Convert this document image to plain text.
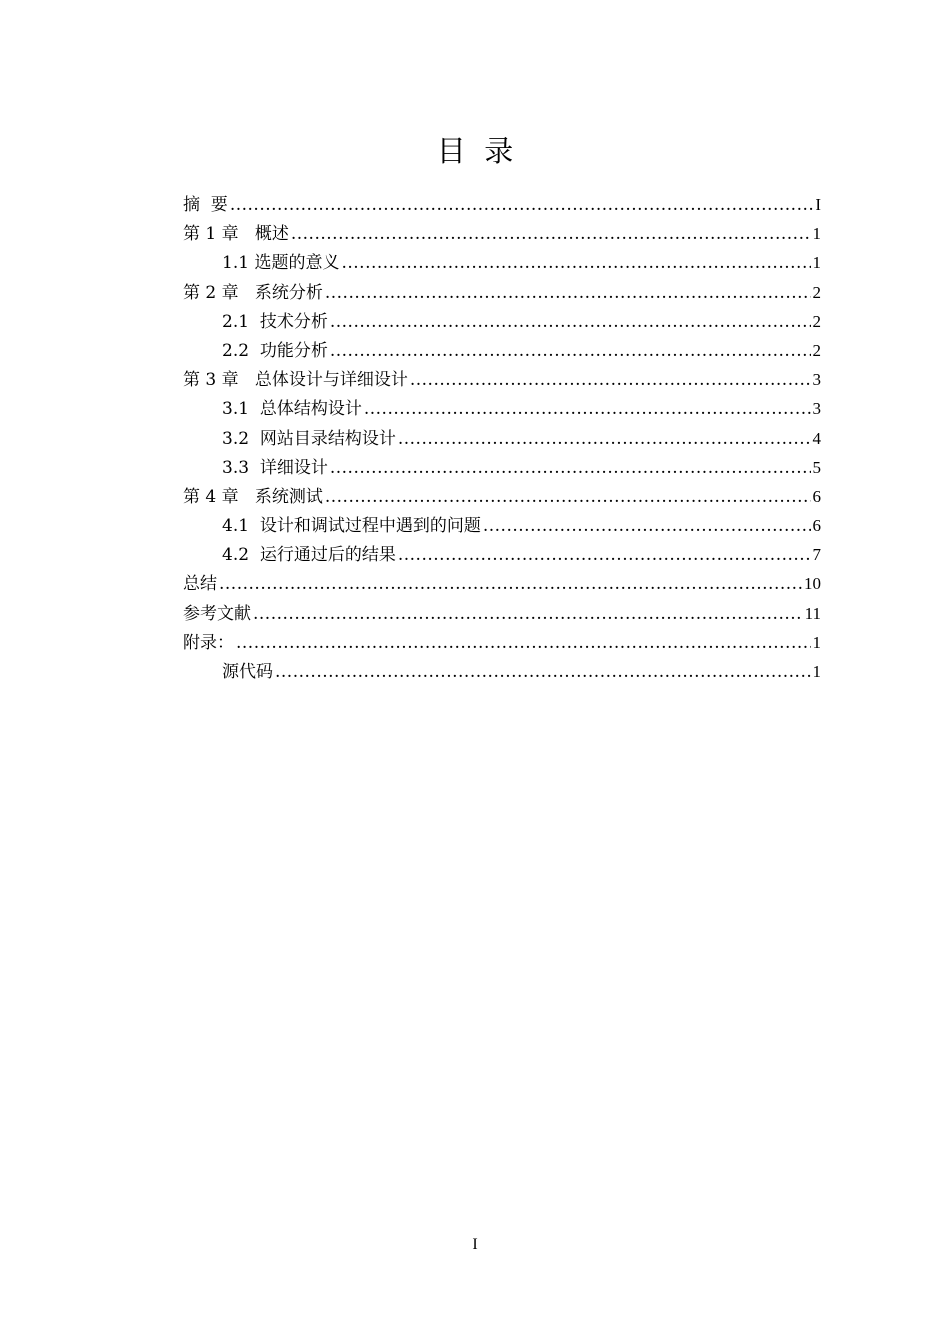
目  录
摘  要 .....	I
第 1 章   概述 .....	1
1.1 选题的意义 .....	1
第 2 章   系统分析 .....	2
2.1  技术分析 .....	2
2.2  功能分析 .....	2
第 3 章   总体设计与详细设计 .....	3
3.1  总体结构设计 .....	3
3.2  网站目录结构设计 .....	4
3.3  详细设计 .....	5
第 4 章   系统测试 .....	6
4.1  设计和调试过程中遇到的问题 .....	6
4.2  运行通过后的结果 .....	7
总结 .....	10
参考文献 .....	11
附录： .....	1
源代码 .....	1
I
